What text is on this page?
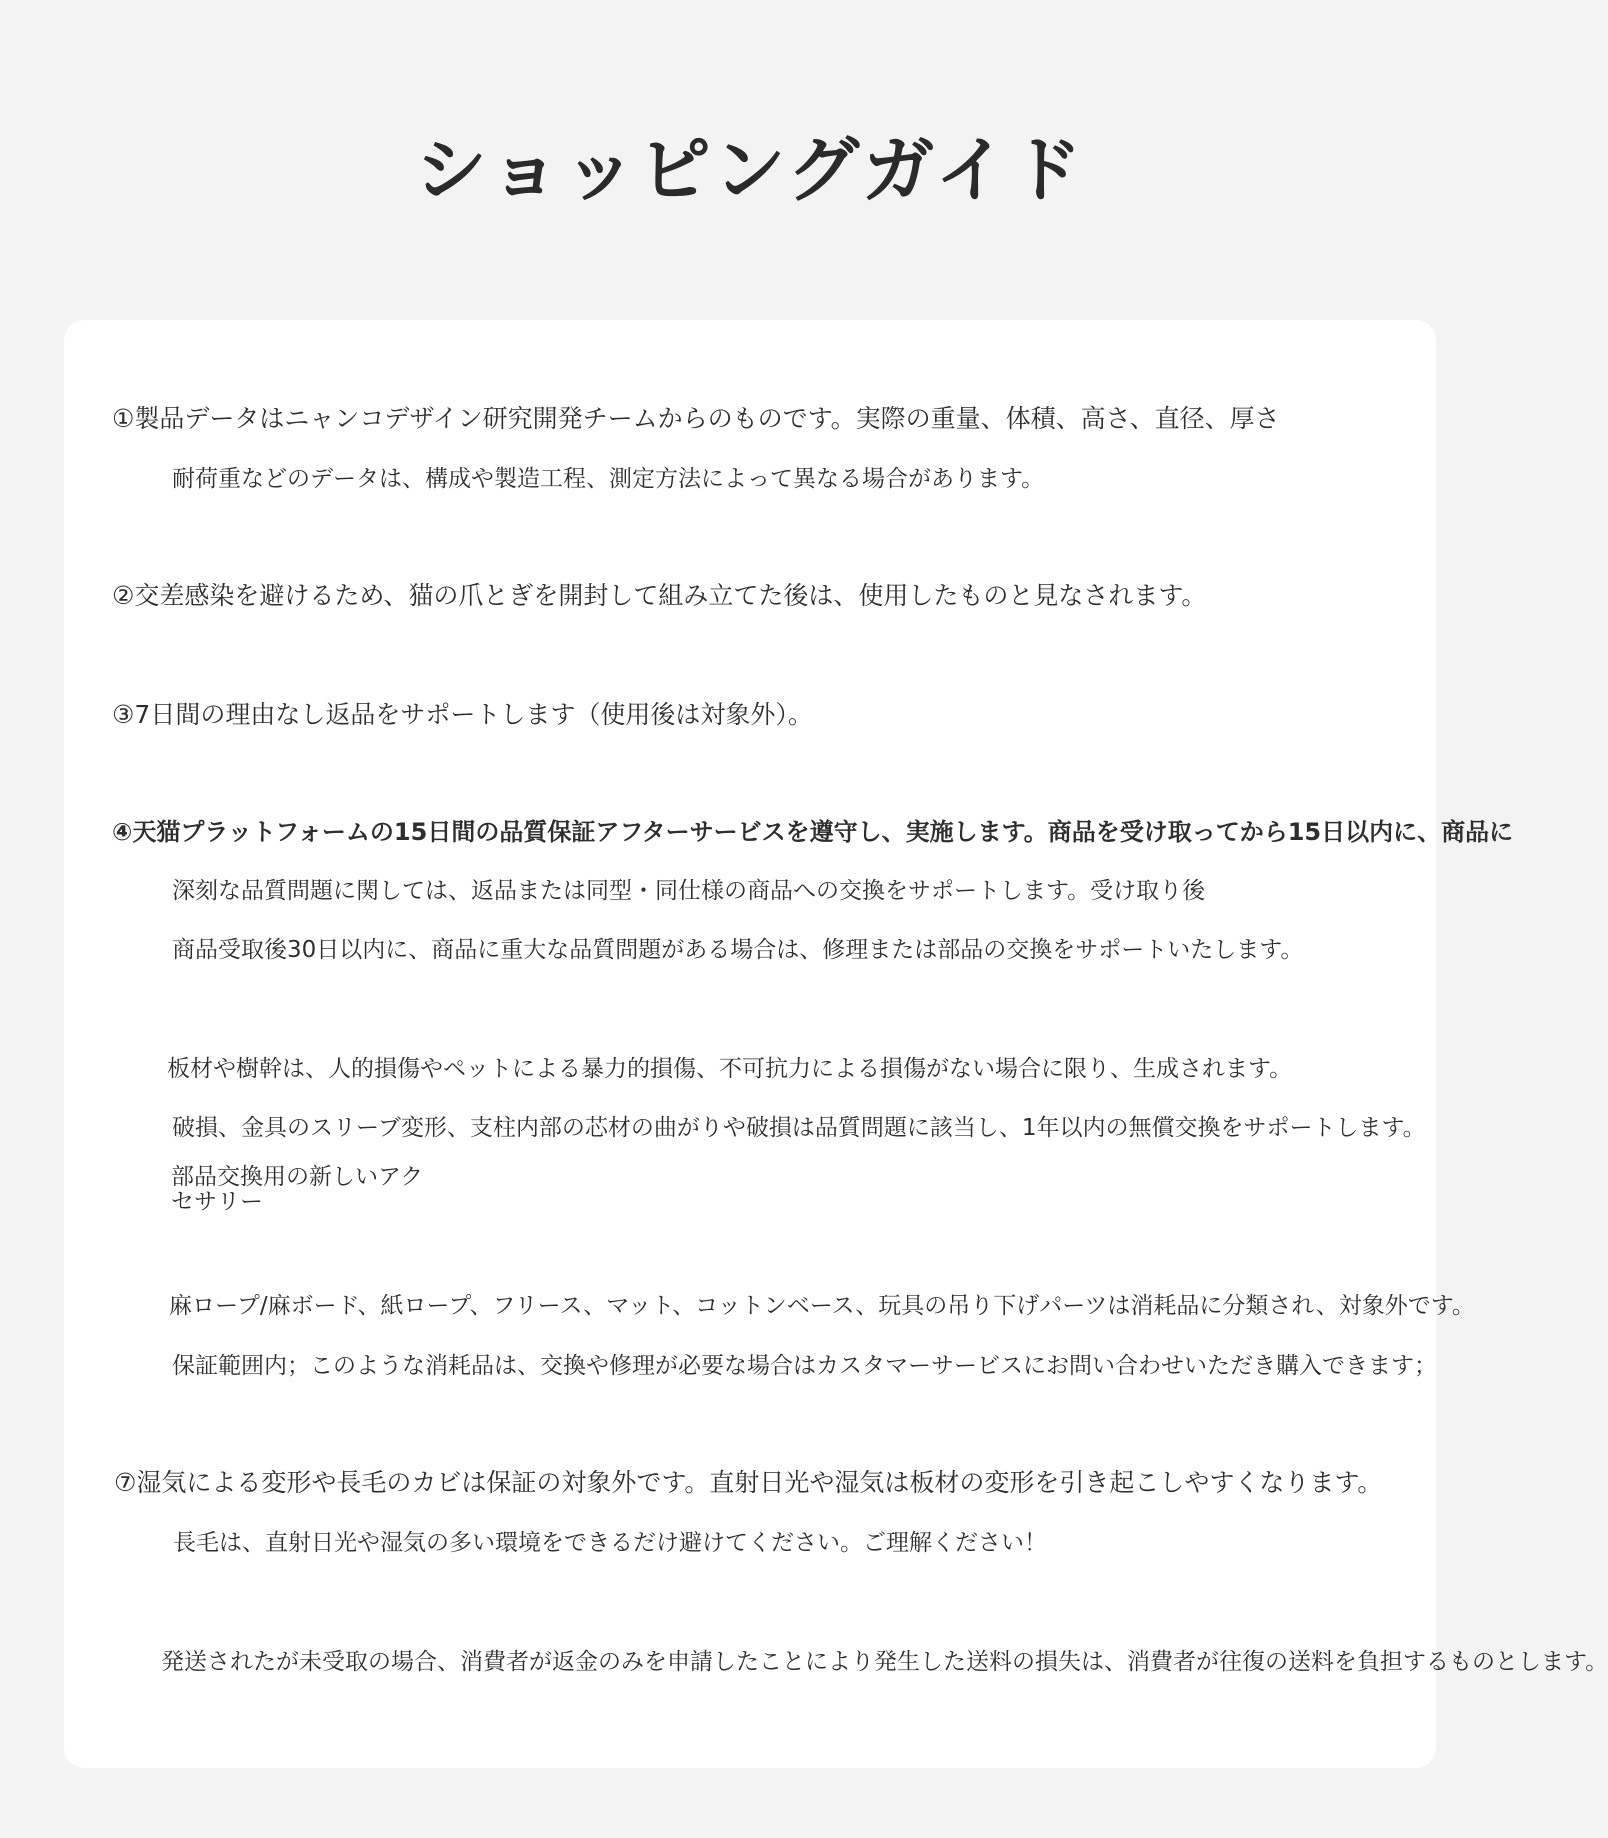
ショッピングガイド
①製品データはニャンコデザイン研究開発チームからのものです。実際の重量、体積、高さ、直径、厚さ
耐荷重などのデータは、構成や製造工程、測定方法によって異なる場合があります。
②交差感染を避けるため、猫の爪とぎを開封して組み立てた後は、使用したものと見なされます。
③7日間の理由なし返品をサポートします（使用後は対象外）。
④天猫プラットフォームの15日間の品質保証アフターサービスを遵守し、実施します。商品を受け取ってから15日以内に、商品に
深刻な品質問題に関しては、返品または同型・同仕様の商品への交換をサポートします。受け取り後
商品受取後30日以内に、商品に重大な品質問題がある場合は、修理または部品の交換をサポートいたします。
板材や樹幹は、人的損傷やペットによる暴力的損傷、不可抗力による損傷がない場合に限り、生成されます。
破損、金具のスリーブ変形、支柱内部の芯材の曲がりや破損は品質問題に該当し、1年以内の無償交換をサポートします。
部品交換用の新しいアクセサリー
麻ロープ/麻ボード、紙ロープ、フリース、マット、コットンベース、玩具の吊り下げパーツは消耗品に分類され、対象外です。
保証範囲内；このような消耗品は、交換や修理が必要な場合はカスタマーサービスにお問い合わせいただき購入できます；
⑦湿気による変形や長毛のカビは保証の対象外です。直射日光や湿気は板材の変形を引き起こしやすくなります。
長毛は、直射日光や湿気の多い環境をできるだけ避けてください。ご理解ください！
発送されたが未受取の場合、消費者が返金のみを申請したことにより発生した送料の損失は、消費者が往復の送料を負担するものとします。
